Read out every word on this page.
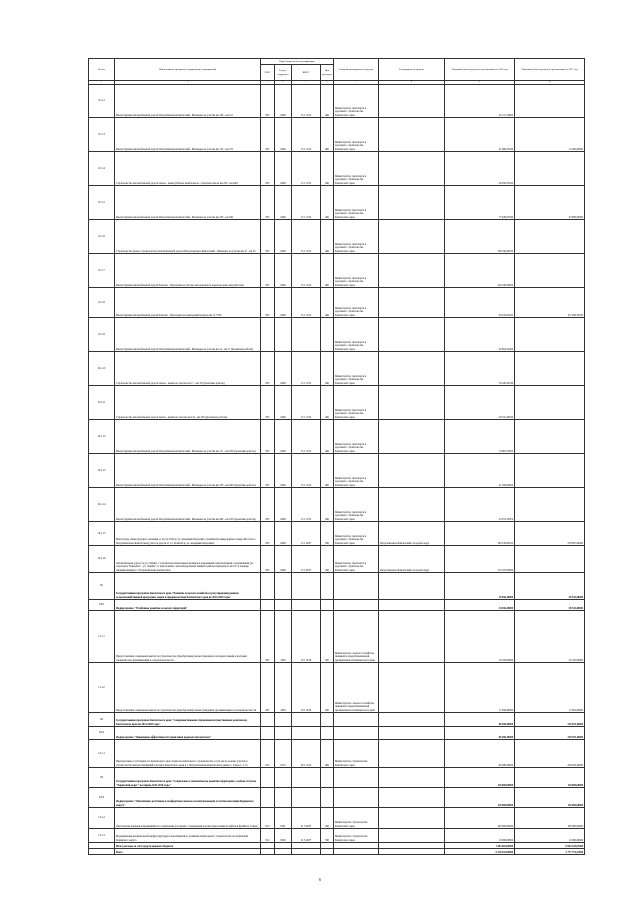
№ п/п	Наименование программ, подпрограмм, мероприятий	Коды бюджетной классификации				Главный распорядитель средств	Распорядитель средств	Плановый объем средств на реализацию на 2016 год	Плановый объем средств на реализацию на 2017 год
		ГРБС	Раздел, подраздел	КЦСР	Вид расходов				
1	2	3	4	5	6	7	8	9	10
10.1.2	Реконструкция автомобильной дороги Петропавловск-Камчатский - Мильково на участке км 106 - км 112	835	0409	15 1 1013	400	Министерство транспорта и дорожного строительства Камчатского края		23 211,76000	
10.1.3	Реконструкция автомобильной дороги Петропавловск-Камчатский - Мильково на участке км 152 - км 170	835	0409	15 1 1013	400	Министерство транспорта и дорожного строительства Камчатского края		41 066,35500	15 260,00000
10.1.4	Строительство автомобильной дороги Апача - Акачи (Объект капитального строительства на км 230 - км 240)	835	0409	15 1 1013	400	Министерство транспорта и дорожного строительства Камчатского края		26 050,53500	
10.1.5	Реконструкция автомобильной дороги Петропавловск-Камчатский - Мильково на участке км 230 - км 249	835	0409	15 1 1013	400	Министерство транспорта и дорожного строительства Камчатского края		75 649,97300	33 990,00000
10.1.6	Строительство (новое строительство) автомобильной дороги Петропавловск-Камчатский - Мильково на участке км 27 - км 32	835	0409	15 1 1013	400	Министерство транспорта и дорожного строительства Камчатского края		136 256,28700	
10.1.7	Реконструкция автомобильной дороги Елизово - Паратунка на участке автодорожного перехода через реку Быстрая	835	0409	15 1 1013	400	Министерство транспорта и дорожного строительства Камчатского края		220 190,00000	
10.1.8	Реконструкция автомобильной дороги Елизово - Паратунка на пешеходный разделе км 12 +700	835	0409	15 1 1013	400	Министерство транспорта и дорожного строительства Камчатского края		84 019,03422	157 268,54700
10.1.9	Реконструкция автомобильной дороги Петропавловск-Камчатский - Мильково на участке км 12 - км 17 (проектные работы)					Министерство транспорта и дорожного строительства Камчатского края		30 804,22400	
10.1.10	Строительство автомобильной дороги Апача - Акачи на участке км 17 - км 33 (проектные работы)	835	0409	15 1 1013	400	Министерство транспорта и дорожного строительства Камчатского края		16 329,22238	
10.1.11	Строительство автомобильной дороги Апача - Акачи на участке км 214 - км 229 (проектные работы)	835	0409	15 1 1013	400	Министерство транспорта и дорожного строительства Камчатского края		29 341,46550	
10.1.12	Реконструкция автомобильной дороги Петропавловск-Камчатский - Мильково на участке км 171 - км 185 (проектные работы)	835	0409	15 1 1013	400	Министерство транспорта и дорожного строительства Камчатского края		13 667,31953	
10.1.13	Реконструкция автомобильной дороги Петропавловск-Камчатский - Мильково на участке км 230 - км 240 (проектные работы)	835	0409	15 1 1013	400	Министерство транспорта и дорожного строительства Камчатского края		21 028,00000	
10.1.14	Реконструкция автомобильной дороги Петропавловск-Камчатский - Мильково на участке км 260 - км 210 (проектные работы)	835	0409	15 1 1013	400	Министерство транспорта и дорожного строительства Камчатского края		23 074,13874	
10.1.15	Магистраль общегородского значения от поста ГАИ до ул. Академика Королёва с развязкой в микрорайоне Северо-Восток в г. Петропавловске-Камчатском (участок дороги от ул. Зелёной до ул. Академика Королёва)	835	0409	15 1 4037	500	Министерство транспорта и дорожного строительства Камчатского края	Петропавловск-Камчатский городской округ	160 519,83452	250 967,00000
10.1.16	Автомобильная дорога по ул. Ларина с устройством пешеходных развязок и кольцевыми транспортными сооружениями (ул. Аэропорта "Камчатка" - ул. Ларина" от пересечения с железнодорожной линией в районе переходного моста" в порядке тиражирования) в г. Петропавловске-Камчатском	835	0409	15 1 4037	500	Министерство транспорта и дорожного строительства Камчатского края	Петропавловск-Камчатский городской округ	173 197,00000	
11	Государственная программа Камчатского края "Развитие сельского хозяйства и регулирование рынков сельскохозяйственной продукции, сырья и продовольствия Камчатского края на 2014-2018 годы"							39 656,40000	38 542,00000
11.1	Подпрограмма "Устойчивое развитие сельских территорий"							34 656,40000	38 542,00000
11.1.1	Предоставление социальных выплат на строительство (приобретение) жилья гражданам, молодым семьям и молодым специалистам, проживающим в сельской местности	807	1003	16 1 5018	500	Министерство сельского хозяйства, пищевой и перерабатывающей промышленности Камчатского края		16 700,00000	20 720,00000
11.1.2	Предоставление социальных выплат на строительство (приобретение) жилья гражданам, проживающим в сельской местности	807	1003	16 1 5018	500	Министерство сельского хозяйства, пищевой и перерабатывающей промышленности Камчатского края		17 956,40000	17 822,00000
12	Государственная программа Камчатского края "Совершенствование управления имущественным комплексом Камчатского края на 2014-2018 годы"							80 286,40000	230 493,40000
12.1	Подпрограмма "Повышение эффективности управления краевым имуществом"							80 286,40000	230 493,40000
12.1.1	Приобретение в собственность Камчатского края объектов капитального строительства, в том числе долевое участие в строительстве жилых помещений для нужд Камчатского края в г. Петропавловске-Камчатском (здание 1, блоки 1, 2, 3)	812	0113	20 1 1013	400	Министерство строительства Камчатского края		80 286,40000	230 493,40000
13	Государственная программа Камчатского края "Социальное и экономическое развитие территории с особым статусом "Корякский округ" на период 2014-2018 годы"							110 000,00000	110 000,00000
13.1	Подпрограмма "Обеспечение доступным и комфортным жильем и коммунальными услугами населения Корякского округа"							110 000,00000	110 000,00000
13.1.2	Обеспечение жилыми помещениями по социальным договорам с гражданами в целях переселения из районов Крайнего Севера	812	0501	21 3 4037	500	Министерство строительства Камчатского края		100 000,00000	100 000,00000
13.1.3	Модернизация коммунальной инфраструктуры и мероприятия по развитию капитального строительства на территории Корякского округа	812	0502	21 3 4037	500	Министерство строительства Камчатского края		10 000,00000	10 000,00000
	Итого расходы за счет средств краевого бюджета							1 464 663,09000	8 963 325,07000
	Всего							5 226 923,00000	2 777 791,27000
6
